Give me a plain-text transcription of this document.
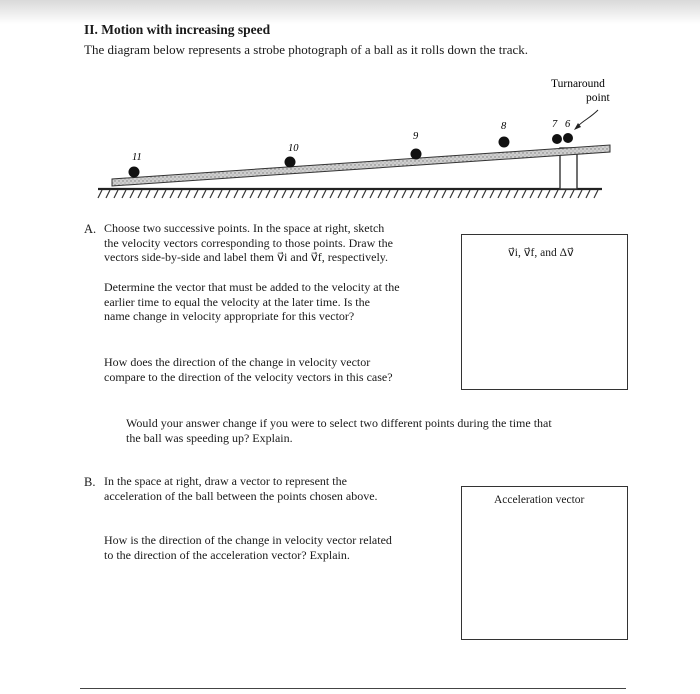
II. Motion with increasing speed
The diagram below represents a strobe photograph of a ball as it rolls down the track.
11
10
9
8	7 6
Turnaround
point
A. Choose two successive points. In the space at right, sketch
the velocity vectors corresponding to those points. Draw the
vectors side-by-side and label them v⃗i and v⃗f, respectively.
Determine the vector that must be added to the velocity at the
earlier time to equal the velocity at the later time. Is the
name change in velocity appropriate for this vector?
How does the direction of the change in velocity vector
compare to the direction of the velocity vectors in this case?
v⃗i, v⃗f, and Δv⃗
Would your answer change if you were to select two different points during the time that
the ball was speeding up? Explain.
B. In the space at right, draw a vector to represent the
acceleration of the ball between the points chosen above.
How is the direction of the change in velocity vector related
to the direction of the acceleration vector? Explain.
Acceleration vector
